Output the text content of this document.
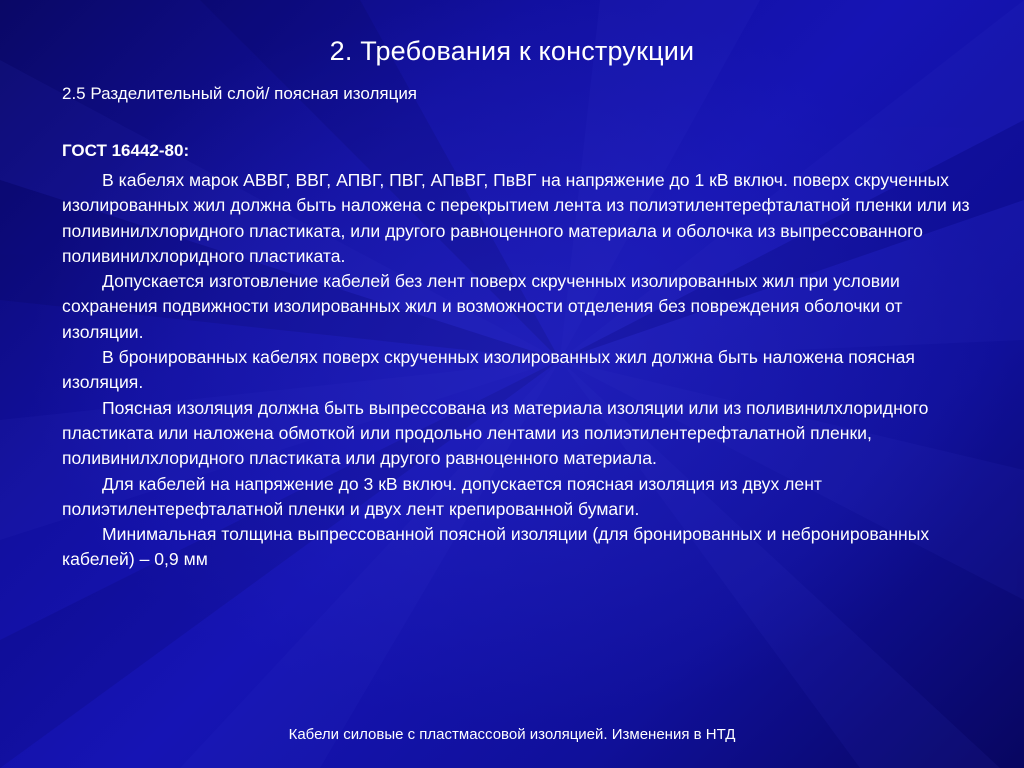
2. Требования к конструкции
2.5 Разделительный слой/ поясная изоляция
ГОСТ 16442-80:

В кабелях марок АВВГ, ВВГ, АПВГ, ПВГ, АПвВГ, ПвВГ на напряжение до 1 кВ включ. поверх скрученных изолированных жил должна быть наложена с перекрытием лента из полиэтилентерефталатной пленки или из поливинилхлоридного пластиката, или другого равноценного материала и оболочка из выпрессованного поливинилхлоридного пластиката.

Допускается изготовление кабелей без лент поверх скрученных изолированных жил при условии сохранения подвижности изолированных жил и возможности отделения без повреждения оболочки от изоляции.

В бронированных кабелях поверх скрученных изолированных жил должна быть наложена поясная изоляция.

Поясная изоляция должна быть выпрессована из материала изоляции или из поливинилхлоридного пластиката или наложена обмоткой или продольно лентами из полиэтилентерефталатной пленки, поливинилхлоридного пластиката или другого равноценного материала.

Для кабелей на напряжение до 3 кВ включ. допускается поясная изоляция из двух лент полиэтилентерефталатной пленки и двух лент крепированной бумаги.

Минимальная толщина выпрессованной поясной изоляции (для бронированных и небронированных кабелей) – 0,9 мм

Кабели силовые с пластмассовой изоляцией. Изменения в НТД
